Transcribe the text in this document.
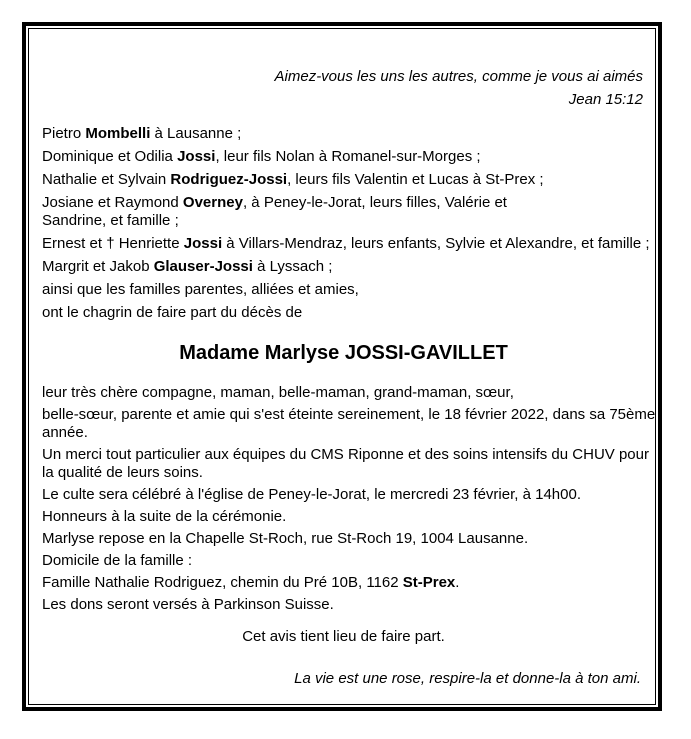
Aimez-vous les uns les autres, comme je vous ai aimés
Jean 15:12
Pietro Mombelli à Lausanne ;
Dominique et Odilia Jossi, leur fils Nolan à Romanel-sur-Morges ;
Nathalie et Sylvain Rodriguez-Jossi, leurs fils Valentin et Lucas à St-Prex ;
Josiane et Raymond Overney, à Peney-le-Jorat, leurs filles, Valérie et
Sandrine, et famille ;
Ernest et † Henriette Jossi à Villars-Mendraz, leurs enfants, Sylvie et Alexandre, et famille ;
Margrit et Jakob Glauser-Jossi à Lyssach ;
ainsi que les familles parentes, alliées et amies,
ont le chagrin de faire part du décès de
Madame Marlyse JOSSI-GAVILLET
leur très chère compagne, maman, belle-maman, grand-maman, sœur,
belle-sœur, parente et amie qui s'est éteinte sereinement, le 18 février 2022, dans sa 75ème
année.
Un merci tout particulier aux équipes du CMS Riponne et des soins intensifs du CHUV pour
la qualité de leurs soins.
Le culte sera célébré à l'église de Peney-le-Jorat, le mercredi 23 février, à 14h00.
Honneurs à la suite de la cérémonie.
Marlyse repose en la Chapelle St-Roch, rue St-Roch 19, 1004 Lausanne.
Domicile de la famille :
Famille Nathalie Rodriguez, chemin du Pré 10B, 1162 St-Prex.
Les dons seront versés à Parkinson Suisse.
Cet avis tient lieu de faire part.
La vie est une rose, respire-la et donne-la à ton ami.
